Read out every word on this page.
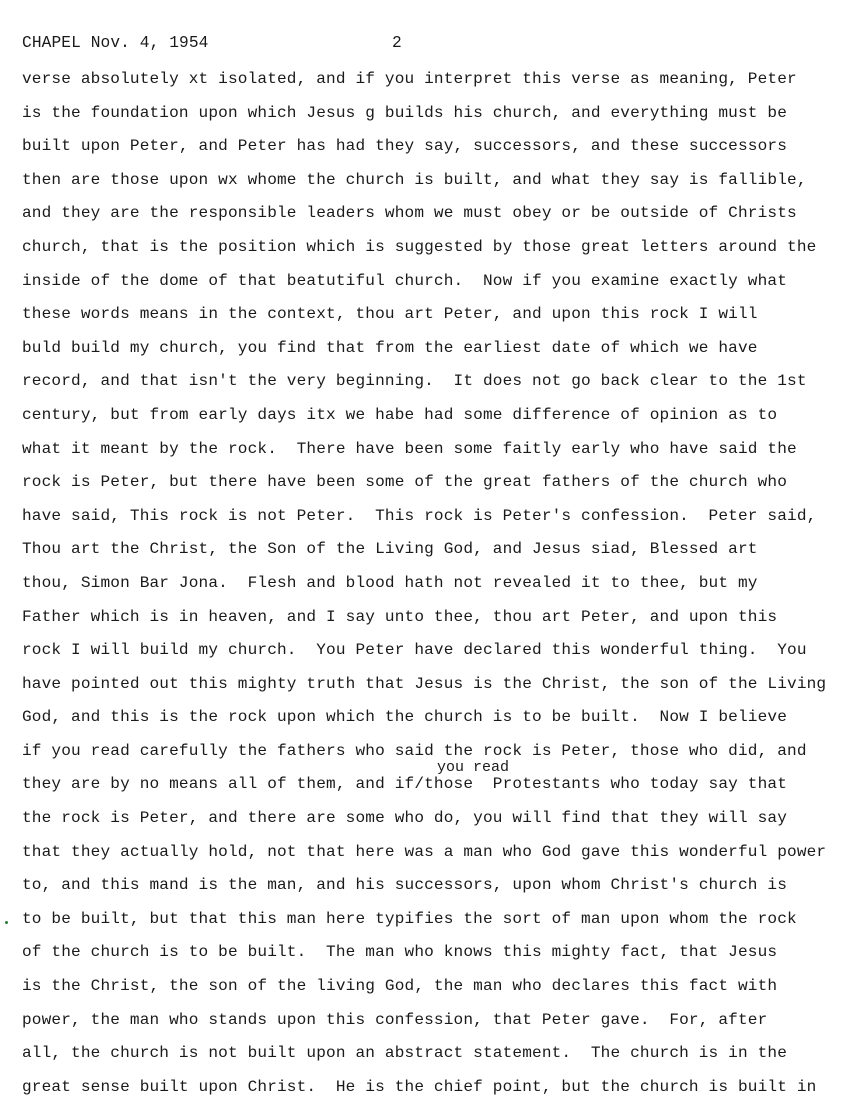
CHAPEL Nov. 4, 1954	2
verse absolutely xt isolated, and if you interpret this verse as meaning, Peter
is the foundation upon which Jesus g builds his church, and everything must be
built upon Peter, and Peter has had they say, successors, and these successors
then are those upon wx whome the church is built, and what they say is fallible,
and they are the responsible leaders whom we must obey or be outside of Christs
church, that is the position which is suggested by those great letters around the
inside of the dome of that beatutiful church.  Now if you examine exactly what
these words means in the context, thou art Peter, and upon this rock I will
buld build my church, you find that from the earliest date of which we have
record, and that isn't the very beginning.  It does not go back clear to the 1st
century, but from early days itx we habe had some difference of opinion as to
what it meant by the rock.  There have been some faitly early who have said the
rock is Peter, but there have been some of the great fathers of the church who
have said, This rock is not Peter.  This rock is Peter's confession.  Peter said,
Thou art the Christ, the Son of the Living God, and Jesus siad, Blessed art
thou, Simon Bar Jona.  Flesh and blood hath not revealed it to thee, but my
Father which is in heaven, and I say unto thee, thou art Peter, and upon this
rock I will build my church.  You Peter have declared this wonderful thing.  You
have pointed out this mighty truth that Jesus is the Christ, the son of the Living
God, and this is the rock upon which the church is to be built.  Now I believe
if you read carefully the fathers who said the rock is Peter, those who did, and
they are by no means all of them, and if/those  Protestants who today say that
the rock is Peter, and there are some who do, you will find that they will say
that they actually hold, not that here was a man who God gave this wonderful power
to, and this mand is the man, and his successors, upon whom Christ's church is
to be built, but that this man here typifies the sort of man upon whom the rock
of the church is to be built.  The man who knows this mighty fact, that Jesus
is the Christ, the son of the living God, the man who declares this fact with
power, the man who stands upon this confession, that Peter gave.  For, after
all, the church is not built upon an abstract statement.  The church is in the
great sense built upon Christ.  He is the chief point, but the church is built in
you read
